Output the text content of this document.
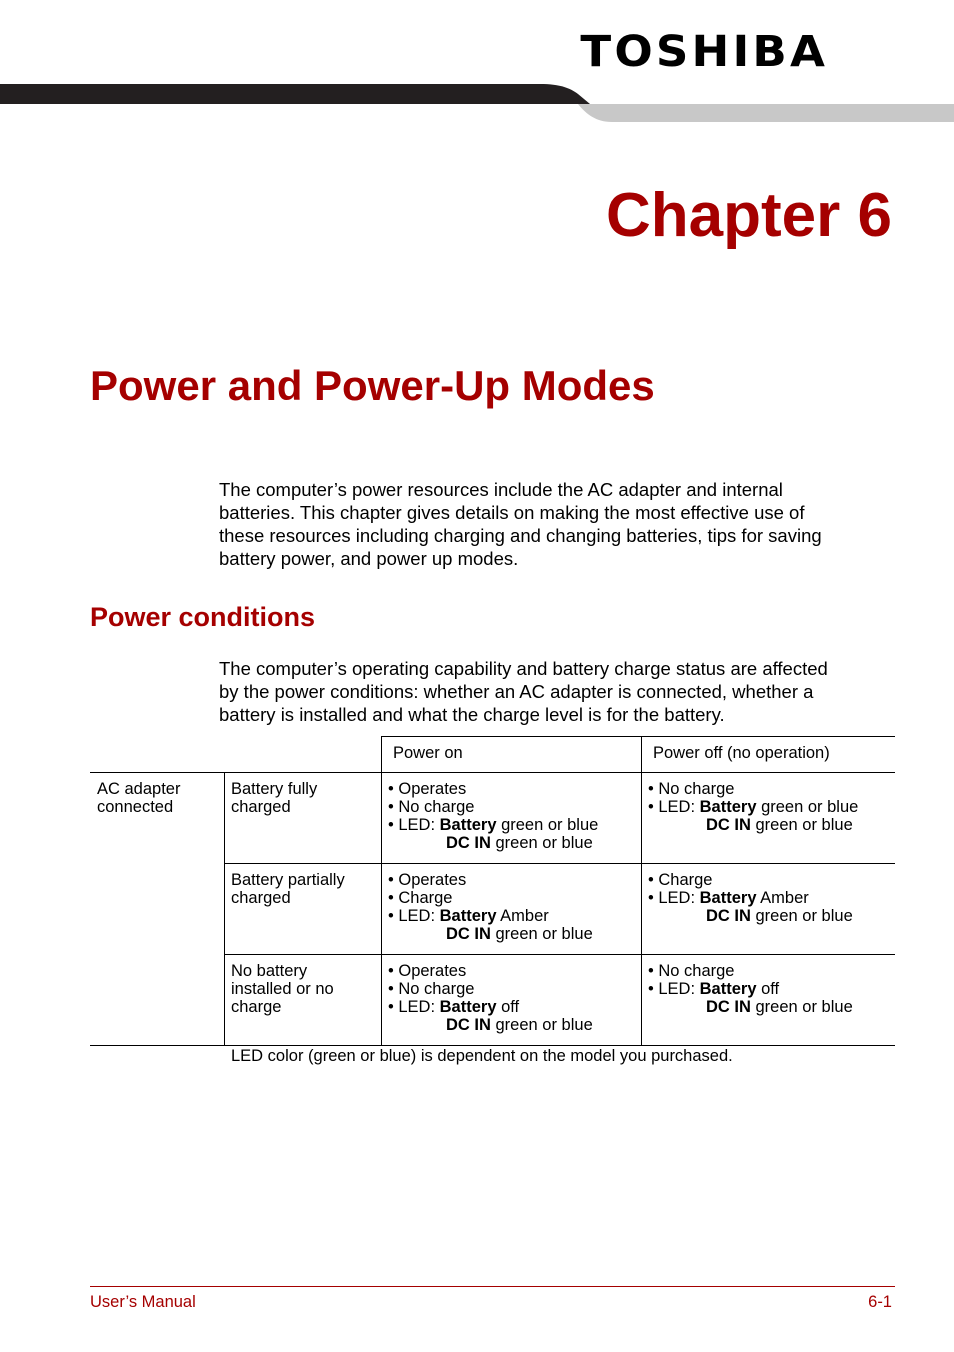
TOSHIBA
Chapter 6
Power and Power-Up Modes
The computer’s power resources include the AC adapter and internal
batteries. This chapter gives details on making the most effective use of
these resources including charging and changing batteries, tips for saving
battery power, and power up modes.
Power conditions
The computer’s operating capability and battery charge status are affected
by the power conditions: whether an AC adapter is connected, whether a
battery is installed and what the charge level is for the battery.
Power on	Power off (no operation)
AC adapter
connected
Battery fully
charged
• Operates
• No charge
• LED: Battery green or blue
DC IN green or blue
• No charge
• LED: Battery green or blue
DC IN green or blue
Battery partially
charged
• Operates
• Charge
• LED: Battery Amber
DC IN green or blue
• Charge
• LED: Battery Amber
DC IN green or blue
No battery
installed or no
charge
• Operates
• No charge
• LED: Battery off
DC IN green or blue
• No charge
• LED: Battery off
DC IN green or blue
LED color (green or blue) is dependent on the model you purchased.
User’s Manual	6-1
